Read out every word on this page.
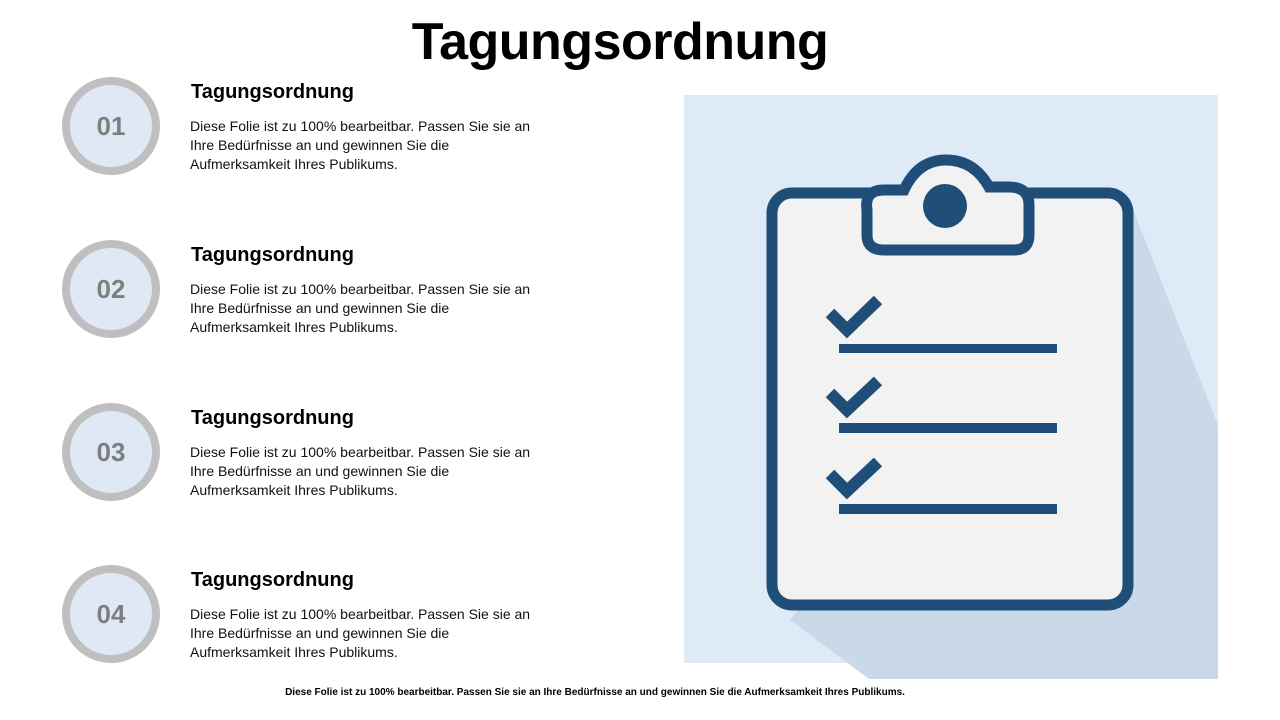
Tagungsordnung
01
Tagungsordnung
Diese Folie ist zu 100% bearbeitbar. Passen Sie sie an Ihre Bedürfnisse an und gewinnen Sie die Aufmerksamkeit Ihres Publikums.
02
Tagungsordnung
Diese Folie ist zu 100% bearbeitbar. Passen Sie sie an Ihre Bedürfnisse an und gewinnen Sie die Aufmerksamkeit Ihres Publikums.
03
Tagungsordnung
Diese Folie ist zu 100% bearbeitbar. Passen Sie sie an Ihre Bedürfnisse an und gewinnen Sie die Aufmerksamkeit Ihres Publikums.
04
Tagungsordnung
Diese Folie ist zu 100% bearbeitbar. Passen Sie sie an Ihre Bedürfnisse an und gewinnen Sie die Aufmerksamkeit Ihres Publikums.
Diese Folie ist zu 100% bearbeitbar. Passen Sie sie an Ihre Bedürfnisse an und gewinnen Sie die Aufmerksamkeit Ihres Publikums.
